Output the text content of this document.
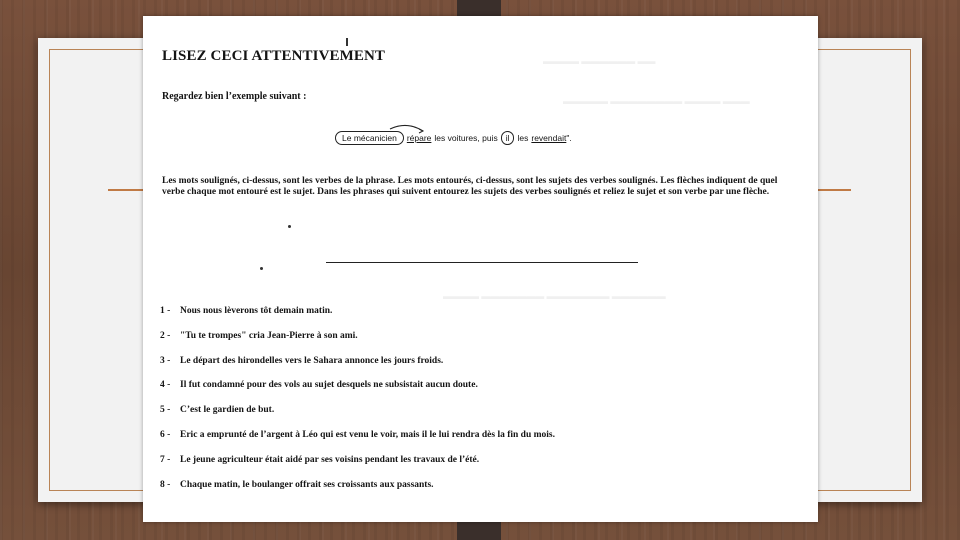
▬▬▬▬ ▬▬▬▬▬▬ ▬▬
▬▬▬▬▬ ▬▬▬▬▬▬▬▬ ▬▬▬▬ ▬▬▬
▬▬▬▬ ▬▬▬▬▬▬▬ ▬▬▬▬▬▬▬ ▬▬▬▬▬▬
LISEZ CECI ATTENTIVEMENT
Regardez bien l’exemple suivant :
Le mécanicien	répare les voitures, puis il les revendait ".
Les mots soulignés, ci-dessus, sont les verbes de la phrase. Les mots entourés, ci-dessus, sont les sujets des verbes soulignés. Les flèches indiquent de quel verbe chaque mot entouré est le sujet. Dans les phrases qui suivent entourez les sujets des verbes soulignés et reliez le sujet et son verbe par une flèche.
1 - Nous nous lèverons tôt demain matin.
2 - "Tu te trompes" cria Jean-Pierre à son ami.
3 - Le départ des hirondelles vers le Sahara annonce les jours froids.
4 - Il fut condamné pour des vols au sujet desquels ne subsistait aucun doute.
5 - C’est le gardien de but.
6 - Eric a emprunté de l’argent à Léo qui est venu le voir, mais il le lui rendra dès la fin du mois.
7 - Le jeune agriculteur était aidé par ses voisins pendant les travaux de l’été.
8 - Chaque matin, le boulanger offrait ses croissants aux passants.
